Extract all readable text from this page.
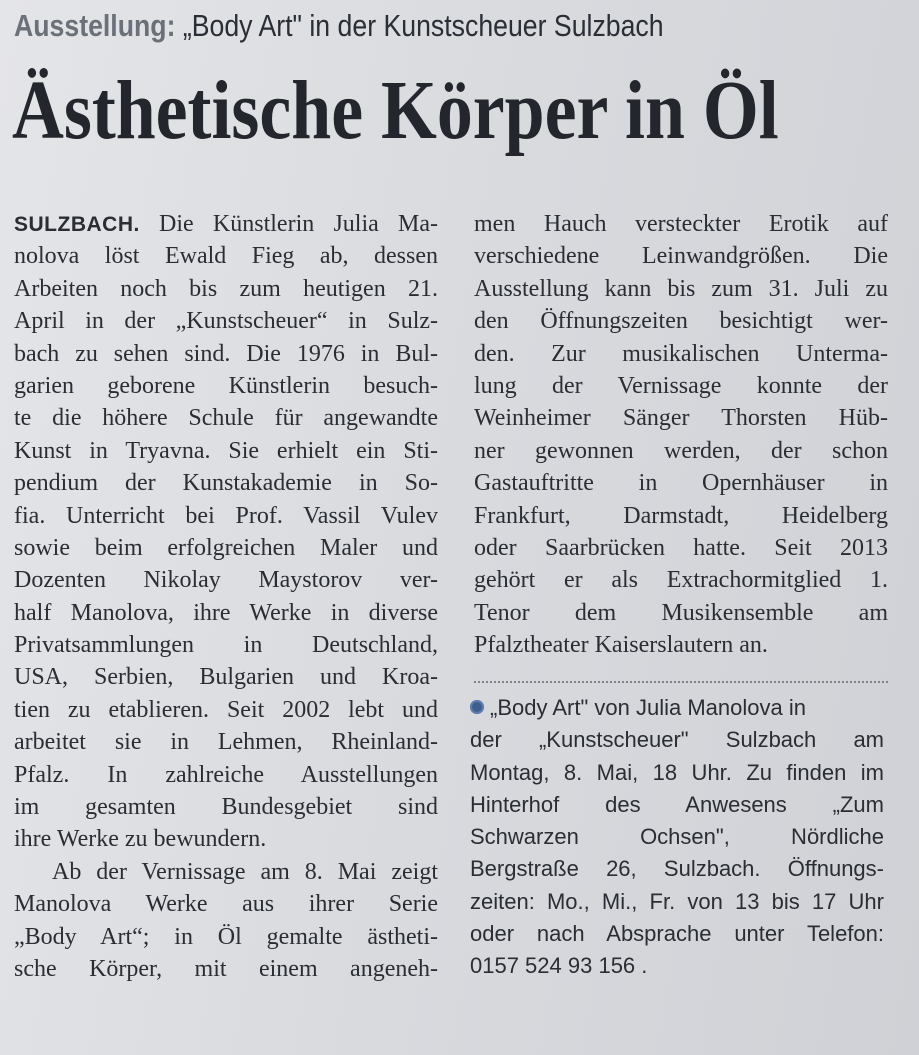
Ausstellung: „Body Art" in der Kunstscheuer Sulzbach
Ästhetische Körper in Öl
SULZBACH. Die Künstlerin Julia Ma-
nolova löst Ewald Fieg ab, dessen
Arbeiten noch bis zum heutigen 21.
April in der „Kunstscheuer“ in Sulz-
bach zu sehen sind. Die 1976 in Bul-
garien geborene Künstlerin besuch-
te die höhere Schule für angewandte
Kunst in Tryavna. Sie erhielt ein Sti-
pendium der Kunstakademie in So-
fia. Unterricht bei Prof. Vassil Vulev
sowie beim erfolgreichen Maler und
Dozenten Nikolay Maystorov ver-
half Manolova, ihre Werke in diverse
Privatsammlungen in Deutschland,
USA, Serbien, Bulgarien und Kroa-
tien zu etablieren. Seit 2002 lebt und
arbeitet sie in Lehmen, Rheinland-
Pfalz. In zahlreiche Ausstellungen
im gesamten Bundesgebiet sind
ihre Werke zu bewundern.
Ab der Vernissage am 8. Mai zeigt
Manolova Werke aus ihrer Serie
„Body Art“; in Öl gemalte ästheti-
sche Körper, mit einem angeneh-
men Hauch versteckter Erotik auf
verschiedene Leinwandgrößen. Die
Ausstellung kann bis zum 31. Juli zu
den Öffnungszeiten besichtigt wer-
den. Zur musikalischen Unterma-
lung der Vernissage konnte der
Weinheimer Sänger Thorsten Hüb-
ner gewonnen werden, der schon
Gastauftritte in Opernhäuser in
Frankfurt, Darmstadt, Heidelberg
oder Saarbrücken hatte. Seit 2013
gehört er als Extrachormitglied 1.
Tenor dem Musikensemble am
Pfalztheater Kaiserslautern an.
„Body Art" von Julia Manolova in
der „Kunstscheuer" Sulzbach am
Montag, 8. Mai, 18 Uhr. Zu finden im
Hinterhof des Anwesens „Zum
Schwarzen Ochsen", Nördliche
Bergstraße 26, Sulzbach. Öffnungs-
zeiten: Mo., Mi., Fr. von 13 bis 17 Uhr
oder nach Absprache unter Telefon:
0157 524 93 156 .
